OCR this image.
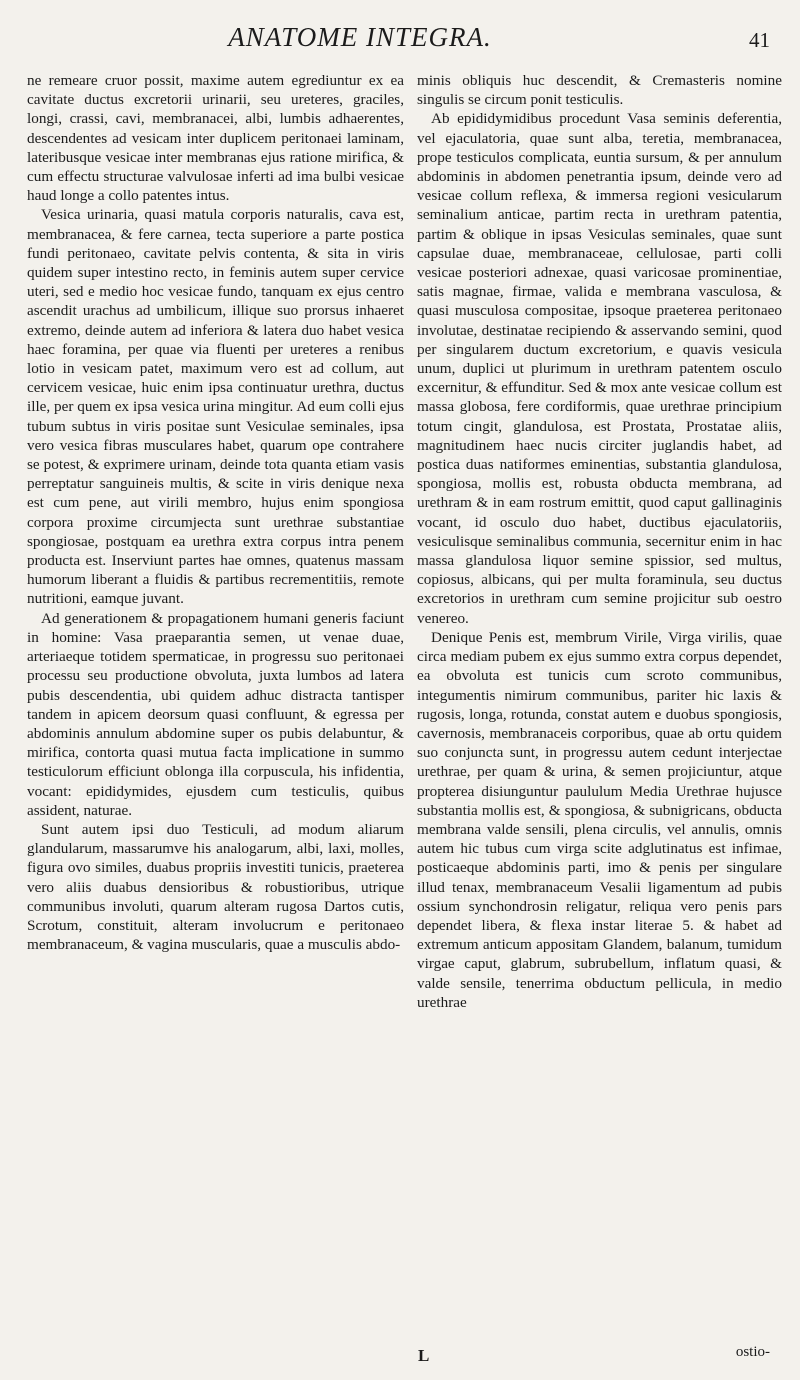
ANATOME INTEGRA.	41

ne remeare cruor possit, maxime autem egrediuntur ex ea cavitate ductus excretorii urinarii, seu ureteres, graciles, longi, crassi, cavi, membranacei, albi, lumbis adhaerentes, descendentes ad vesicam inter duplicem peritonaei laminam, lateribusque vesicae inter membranas ejus ratione mirifica, & cum effectu structurae valvulosae inferti ad ima bulbi vesicae haud longe a collo patentes intus.

Vesica urinaria, quasi matula corporis naturalis, cava est, membranacea, & fere carnea, tecta superiore a parte postica fundi peritonaeo, cavitate pelvis contenta, & sita in viris quidem super intestino recto, in feminis autem super cervice uteri, sed e medio hoc vesicae fundo, tanquam ex ejus centro ascendit urachus ad umbilicum, illique suo prorsus inhaeret extremo, deinde autem ad inferiora & latera duo habet vesica haec foramina, per quae via fluenti per ureteres a renibus lotio in vesicam patet, maximum vero est ad collum, aut cervicem vesicae, huic enim ipsa continuatur urethra, ductus ille, per quem ex ipsa vesica urina mingitur. Ad eum colli ejus tubum subtus in viris positae sunt Vesiculae seminales, ipsa vero vesica fibras musculares habet, quarum ope contrahere se potest, & exprimere urinam, deinde tota quanta etiam vasis perreptatur sanguineis multis, & scite in viris denique nexa est cum pene, aut virili membro, hujus enim spongiosa corpora proxime circumjecta sunt urethrae substantiae spongiosae, postquam ea urethra extra corpus intra penem producta est. Inserviunt partes hae omnes, quatenus massam humorum liberant a fluidis & partibus recrementitiis, remote nutritioni, eamque juvant.

Ad generationem & propagationem humani generis faciunt in homine: Vasa praeparantia semen, ut venae duae, arteriaeque totidem spermaticae, in progressu suo peritonaei processu seu productione obvoluta, juxta lumbos ad latera pubis descendentia, ubi quidem adhuc distracta tantisper tandem in apicem deorsum quasi confluunt, & egressa per abdominis annulum abdomine super os pubis delabuntur, & mirifica, contorta quasi mutua facta implicatione in summo testiculorum efficiunt oblonga illa corpuscula, his infidentia, vocant: epididymides, ejusdem cum testiculis, quibus assident, naturae.

Sunt autem ipsi duo Testiculi, ad modum aliarum glandularum, massarumve his analogarum, albi, laxi, molles, figura ovo similes, duabus propriis investiti tunicis, praeterea vero aliis duabus densioribus & robustioribus, utrique communibus involuti, quarum alteram rugosa Dartos cutis, Scrotum, constituit, alteram involucrum e peritonaeo membranaceum, & vagina muscularis, quae a musculis abdo-

minis obliquis huc descendit, & Cremasteris nomine singulis se circum ponit testiculis.

Ab epididymidibus procedunt Vasa seminis deferentia, vel ejaculatoria, quae sunt alba, teretia, membranacea, prope testiculos complicata, euntia sursum, & per annulum abdominis in abdomen penetrantia ipsum, deinde vero ad vesicae collum reflexa, & immersa regioni vesicularum seminalium anticae, partim recta in urethram patentia, partim & oblique in ipsas Vesiculas seminales, quae sunt capsulae duae, membranaceae, cellulosae, parti colli vesicae posteriori adnexae, quasi varicosae prominentiae, satis magnae, firmae, valida e membrana vasculosa, & quasi musculosa compositae, ipsoque praeterea peritonaeo involutae, destinatae recipiendo & asservando semini, quod per singularem ductum excretorium, e quavis vesicula unum, duplici ut plurimum in urethram patentem osculo excernitur, & effunditur. Sed & mox ante vesicae collum est massa globosa, fere cordiformis, quae urethrae principium totum cingit, glandulosa, est Prostata, Prostatae aliis, magnitudinem haec nucis circiter juglandis habet, ad postica duas natiformes eminentias, substantia glandulosa, spongiosa, mollis est, robusta obducta membrana, ad urethram & in eam rostrum emittit, quod caput gallinaginis vocant, id osculo duo habet, ductibus ejaculatoriis, vesiculisque seminalibus communia, secernitur enim in hac massa glandulosa liquor semine spissior, sed multus, copiosus, albicans, qui per multa foraminula, seu ductus excretorios in urethram cum semine projicitur sub oestro venereo.

Denique Penis est, membrum Virile, Virga virilis, quae circa mediam pubem ex ejus summo extra corpus dependet, ea obvoluta est tunicis cum scroto communibus, integumentis nimirum communibus, pariter hic laxis & rugosis, longa, rotunda, constat autem e duobus spongiosis, cavernosis, membranaceis corporibus, quae ab ortu quidem suo conjuncta sunt, in progressu autem cedunt interjectae urethrae, per quam & urina, & semen projiciuntur, atque propterea disiunguntur paululum Media Urethrae hujusce substantia mollis est, & spongiosa, & subnigricans, obducta membrana valde sensili, plena circulis, vel annulis, omnis autem hic tubus cum virga scite adglutinatus est infimae, posticaeque abdominis parti, imo & penis per singulare illud tenax, membranaceum Vesalii ligamentum ad pubis ossium synchondrosin religatur, reliqua vero penis pars dependet libera, & flexa instar literae 5. & habet ad extremum anticum appositam Glandem, balanum, tumidum virgae caput, glabrum, subrubellum, inflatum quasi, & valde sensile, tenerrima obductum pellicula, in medio urethrae

L	ostio-
